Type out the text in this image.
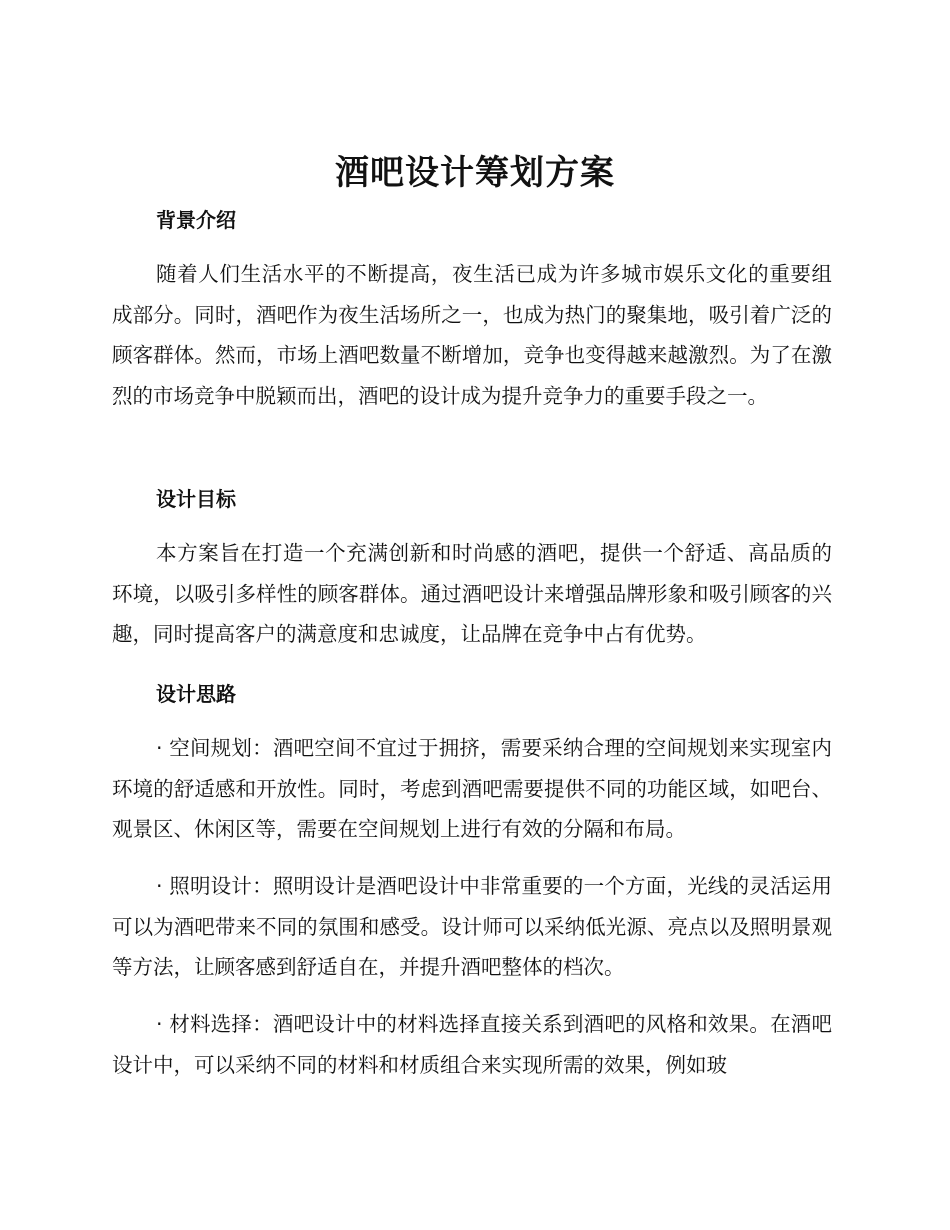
酒吧设计筹划方案
背景介绍

随着人们生活水平的不断提高，夜生活已成为许多城市娱乐文化的重要组成部分。同时，酒吧作为夜生活场所之一，也成为热门的聚集地，吸引着广泛的顾客群体。然而，市场上酒吧数量不断增加，竞争也变得越来越激烈。为了在激烈的市场竞争中脱颖而出，酒吧的设计成为提升竞争力的重要手段之一。

设计目标

本方案旨在打造一个充满创新和时尚感的酒吧，提供一个舒适、高品质的环境，以吸引多样性的顾客群体。通过酒吧设计来增强品牌形象和吸引顾客的兴趣，同时提高客户的满意度和忠诚度，让品牌在竞争中占有优势。

设计思路

· 空间规划：酒吧空间不宜过于拥挤，需要采纳合理的空间规划来实现室内环境的舒适感和开放性。同时，考虑到酒吧需要提供不同的功能区域，如吧台、观景区、休闲区等，需要在空间规划上进行有效的分隔和布局。

· 照明设计：照明设计是酒吧设计中非常重要的一个方面，光线的灵活运用可以为酒吧带来不同的氛围和感受。设计师可以采纳低光源、亮点以及照明景观等方法，让顾客感到舒适自在，并提升酒吧整体的档次。

· 材料选择：酒吧设计中的材料选择直接关系到酒吧的风格和效果。在酒吧设计中，可以采纳不同的材料和材质组合来实现所需的效果，例如玻
